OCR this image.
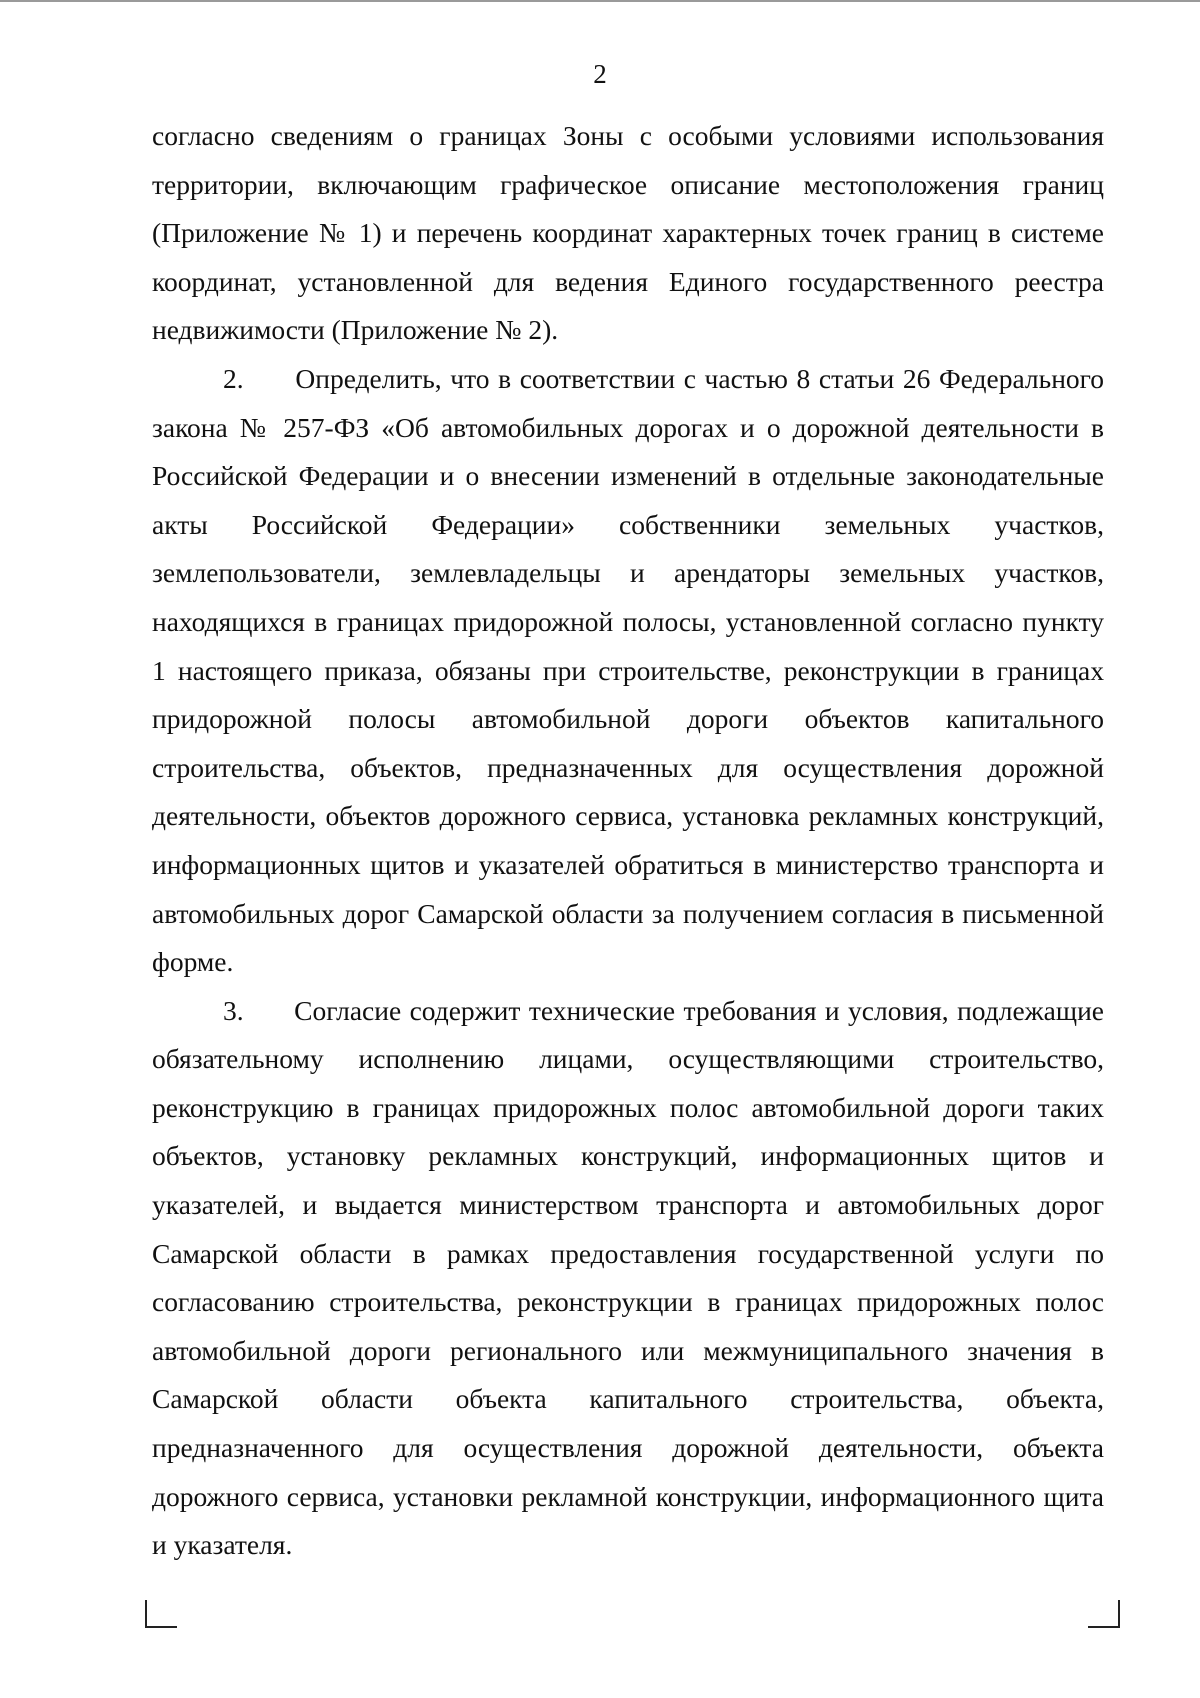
2

согласно сведениям о границах Зоны с особыми условиями использования территории, включающим графическое описание местоположения границ (Приложение № 1) и перечень координат характерных точек границ в системе координат, установленной для ведения Единого государственного реестра недвижимости (Приложение № 2).

2. Определить, что в соответствии с частью 8 статьи 26 Федерального закона № 257-ФЗ «Об автомобильных дорогах и о дорожной деятельности в Российской Федерации и о внесении изменений в отдельные законодательные акты Российской Федерации» собственники земельных участков, землепользователи, землевладельцы и арендаторы земельных участков, находящихся в границах придорожной полосы, установленной согласно пункту 1 настоящего приказа, обязаны при строительстве, реконструкции в границах придорожной полосы автомобильной дороги объектов капитального строительства, объектов, предназначенных для осуществления дорожной деятельности, объектов дорожного сервиса, установка рекламных конструкций, информационных щитов и указателей обратиться в министерство транспорта и автомобильных дорог Самарской области за получением согласия в письменной форме.

3. Согласие содержит технические требования и условия, подлежащие обязательному исполнению лицами, осуществляющими строительство, реконструкцию в границах придорожных полос автомобильной дороги таких объектов, установку рекламных конструкций, информационных щитов и указателей, и выдается министерством транспорта и автомобильных дорог Самарской области в рамках предоставления государственной услуги по согласованию строительства, реконструкции в границах придорожных полос автомобильной дороги регионального или межмуниципального значения в Самарской области объекта капитального строительства, объекта, предназначенного для осуществления дорожной деятельности, объекта дорожного сервиса, установки рекламной конструкции, информационного щита и указателя.
